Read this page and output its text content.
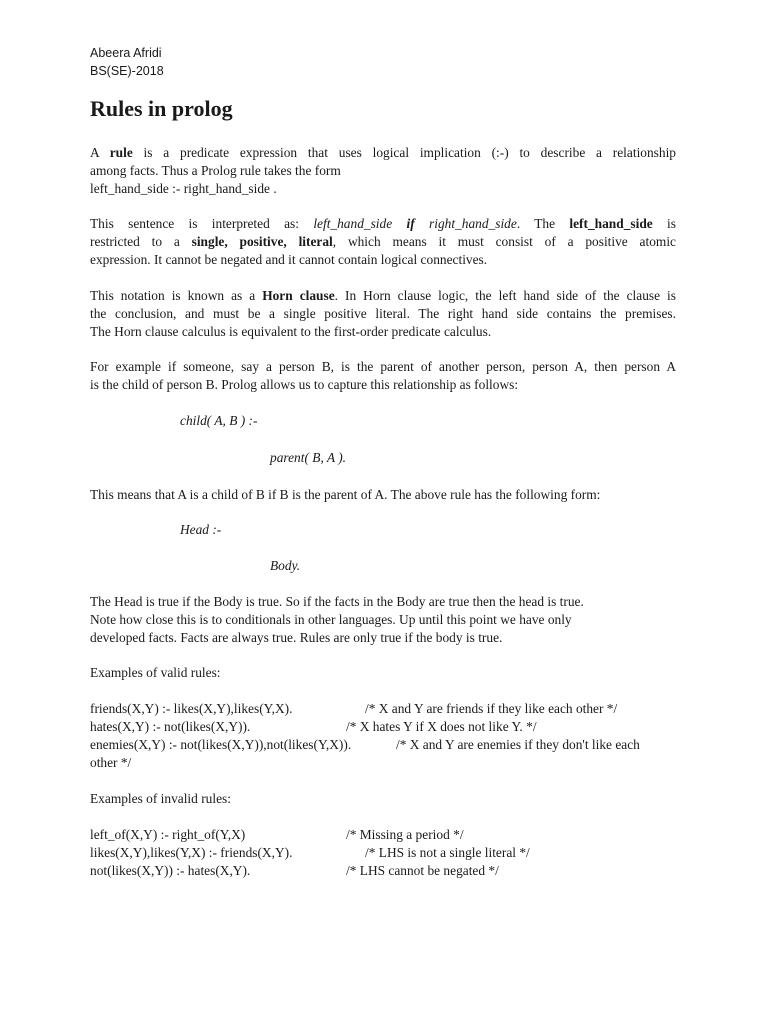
Abeera Afridi
BS(SE)-2018
Rules in prolog
A rule is a predicate expression that uses logical implication (:-) to describe a relationship
among facts. Thus a Prolog rule takes the form
left_hand_side :- right_hand_side .
This sentence is interpreted as: left_hand_side if right_hand_side. The left_hand_side is
restricted to a single, positive, literal, which means it must consist of a positive atomic
expression. It cannot be negated and it cannot contain logical connectives.
This notation is known as a Horn clause. In Horn clause logic, the left hand side of the clause is
the conclusion, and must be a single positive literal. The right hand side contains the premises.
The Horn clause calculus is equivalent to the first-order predicate calculus.
For example if someone, say a person B, is the parent of another person, person A, then person A
is the child of person B. Prolog allows us to capture this relationship as follows:
child( A, B ) :-
parent( B, A ).
This means that A is a child of B if B is the parent of A. The above rule has the following form:
Head :-
Body.
The Head is true if the Body is true. So if the facts in the Body are true then the head is true.
Note how close this is to conditionals in other languages. Up until this point we have only
developed facts. Facts are always true. Rules are only true if the body is true.
Examples of valid rules:
friends(X,Y) :- likes(X,Y),likes(Y,X).	/* X and Y are friends if they like each other */
hates(X,Y) :- not(likes(X,Y)).	/* X hates Y if X does not like Y. */
enemies(X,Y) :- not(likes(X,Y)),not(likes(Y,X)).	/* X and Y are enemies if they don't like each
other */
Examples of invalid rules:
left_of(X,Y) :- right_of(Y,X)	/* Missing a period */
likes(X,Y),likes(Y,X) :- friends(X,Y).	/* LHS is not a single literal */
not(likes(X,Y)) :- hates(X,Y).	/* LHS cannot be negated */
